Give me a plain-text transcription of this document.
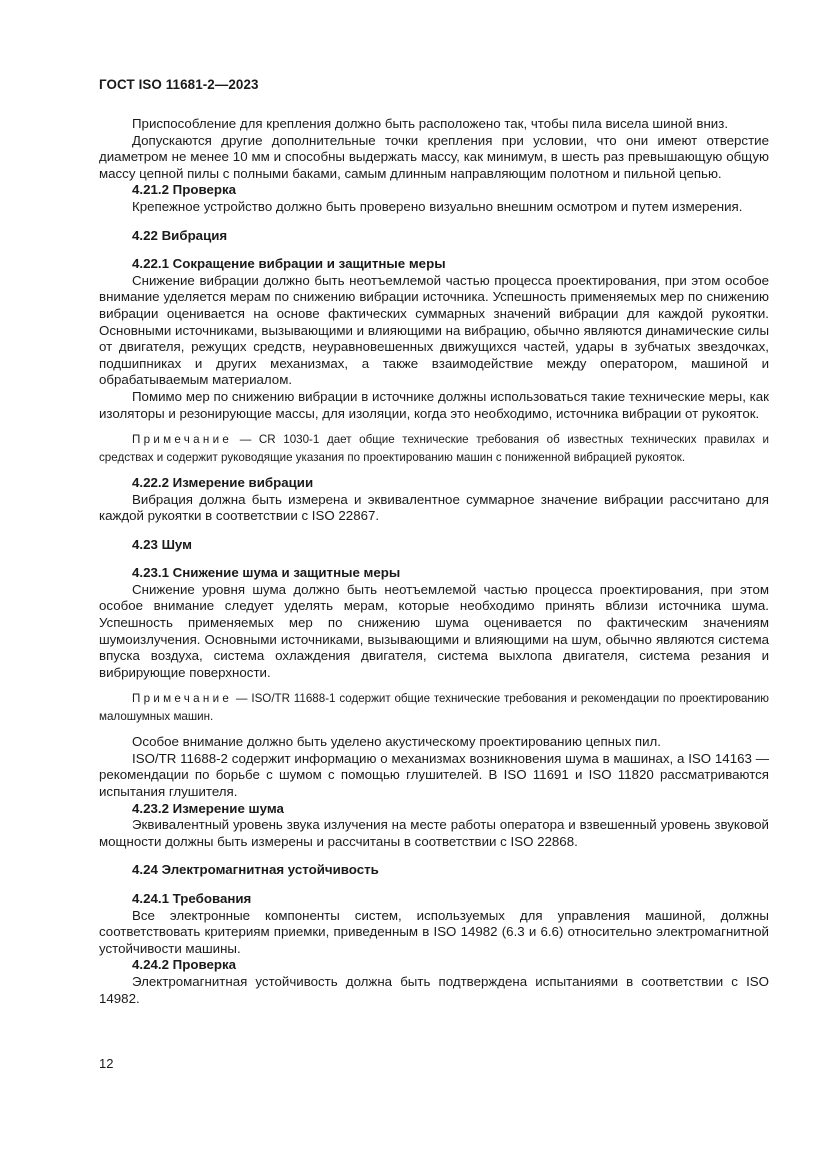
ГОСТ ISO 11681-2—2023

Приспособление для крепления должно быть расположено так, чтобы пила висела шиной вниз.

Допускаются другие дополнительные точки крепления при условии, что они имеют отверстие диаметром не менее 10 мм и способны выдержать массу, как минимум, в шесть раз превышающую общую массу цепной пилы с полными баками, самым длинным направляющим полотном и пильной цепью.

4.21.2 Проверка

Крепежное устройство должно быть проверено визуально внешним осмотром и путем измерения.

4.22 Вибрация
4.22.1 Сокращение вибрации и защитные меры

Снижение вибрации должно быть неотъемлемой частью процесса проектирования, при этом особое внимание уделяется мерам по снижению вибрации источника. Успешность применяемых мер по снижению вибрации оценивается на основе фактических суммарных значений вибрации для каждой рукоятки. Основными источниками, вызывающими и влияющими на вибрацию, обычно являются динамические силы от двигателя, режущих средств, неуравновешенных движущихся частей, удары в зубчатых звездочках, подшипниках и других механизмах, а также взаимодействие между оператором, машиной и обрабатываемым материалом.

Помимо мер по снижению вибрации в источнике должны использоваться такие технические меры, как изоляторы и резонирующие массы, для изоляции, когда это необходимо, источника вибрации от рукояток.

Примечание — CR 1030-1 дает общие технические требования об известных технических правилах и средствах и содержит руководящие указания по проектированию машин с пониженной вибрацией рукояток.

4.22.2 Измерение вибрации

Вибрация должна быть измерена и эквивалентное суммарное значение вибрации рассчитано для каждой рукоятки в соответствии с ISO 22867.

4.23 Шум
4.23.1 Снижение шума и защитные меры

Снижение уровня шума должно быть неотъемлемой частью процесса проектирования, при этом особое внимание следует уделять мерам, которые необходимо принять вблизи источника шума. Успешность применяемых мер по снижению шума оценивается по фактическим значениям шумоизлучения. Основными источниками, вызывающими и влияющими на шум, обычно являются система впуска воздуха, система охлаждения двигателя, система выхлопа двигателя, система резания и вибрирующие поверхности.

Примечание — ISO/TR 11688-1 содержит общие технические требования и рекомендации по проектированию малошумных машин.

Особое внимание должно быть уделено акустическому проектированию цепных пил.

ISO/TR 11688-2 содержит информацию о механизмах возникновения шума в машинах, а ISO 14163 — рекомендации по борьбе с шумом с помощью глушителей. В ISO 11691 и ISO 11820 рассматриваются испытания глушителя.

4.23.2 Измерение шума

Эквивалентный уровень звука излучения на месте работы оператора и взвешенный уровень звуковой мощности должны быть измерены и рассчитаны в соответствии с ISO 22868.

4.24 Электромагнитная устойчивость
4.24.1 Требования

Все электронные компоненты систем, используемых для управления машиной, должны соответствовать критериям приемки, приведенным в ISO 14982 (6.3 и 6.6) относительно электромагнитной устойчивости машины.

4.24.2 Проверка

Электромагнитная устойчивость должна быть подтверждена испытаниями в соответствии с ISO 14982.

12
